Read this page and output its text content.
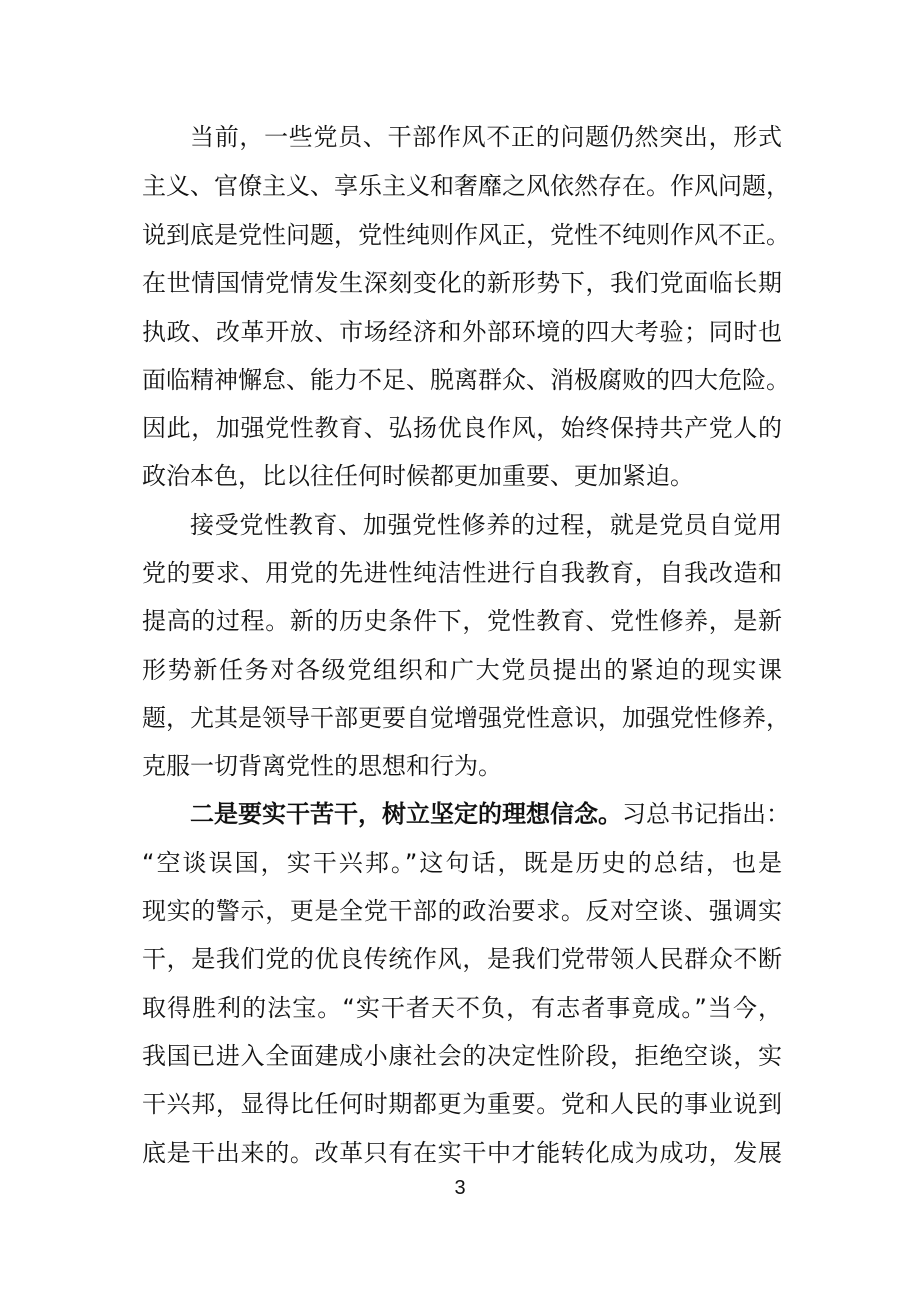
当前，一些党员、干部作风不正的问题仍然突出，形式
主义、官僚主义、享乐主义和奢靡之风依然存在。作风问题，
说到底是党性问题，党性纯则作风正，党性不纯则作风不正。
在世情国情党情发生深刻变化的新形势下，我们党面临长期
执政、改革开放、市场经济和外部环境的四大考验；同时也
面临精神懈怠、能力不足、脱离群众、消极腐败的四大危险。
因此，加强党性教育、弘扬优良作风，始终保持共产党人的
政治本色，比以往任何时候都更加重要、更加紧迫。
接受党性教育、加强党性修养的过程，就是党员自觉用
党的要求、用党的先进性纯洁性进行自我教育，自我改造和
提高的过程。新的历史条件下，党性教育、党性修养，是新
形势新任务对各级党组织和广大党员提出的紧迫的现实课
题，尤其是领导干部更要自觉增强党性意识，加强党性修养，
克服一切背离党性的思想和行为。
二是要实干苦干，树立坚定的理想信念。习总书记指出：
“空谈误国，实干兴邦。”这句话，既是历史的总结，也是
现实的警示，更是全党干部的政治要求。反对空谈、强调实
干，是我们党的优良传统作风，是我们党带领人民群众不断
取得胜利的法宝。“实干者天不负，有志者事竟成。”当今，
我国已进入全面建成小康社会的决定性阶段，拒绝空谈，实
干兴邦，显得比任何时期都更为重要。党和人民的事业说到
底是干出来的。改革只有在实干中才能转化成为成功，发展
3
